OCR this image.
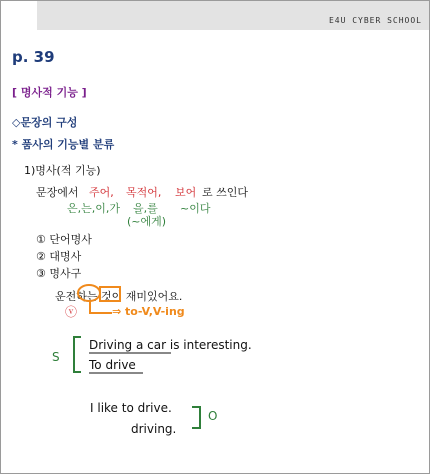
E4U CYBER SCHOOL
p. 39
[ 명사적 기능 ]
◇문장의 구성
* 품사의 기능별 분류
1)명사(적 기능)
문장에서 주어, 목적어, 보어 로 쓰인다
은,는,이,가 을,를 ~이다
(~에게)
① 단어명사
② 대명사
③ 명사구
운전하는 것이 재미있어요.
ⓥ	⇒ to-V,V-ing
S
Driving a car is interesting.
To drive
I like to drive.
driving.
O
